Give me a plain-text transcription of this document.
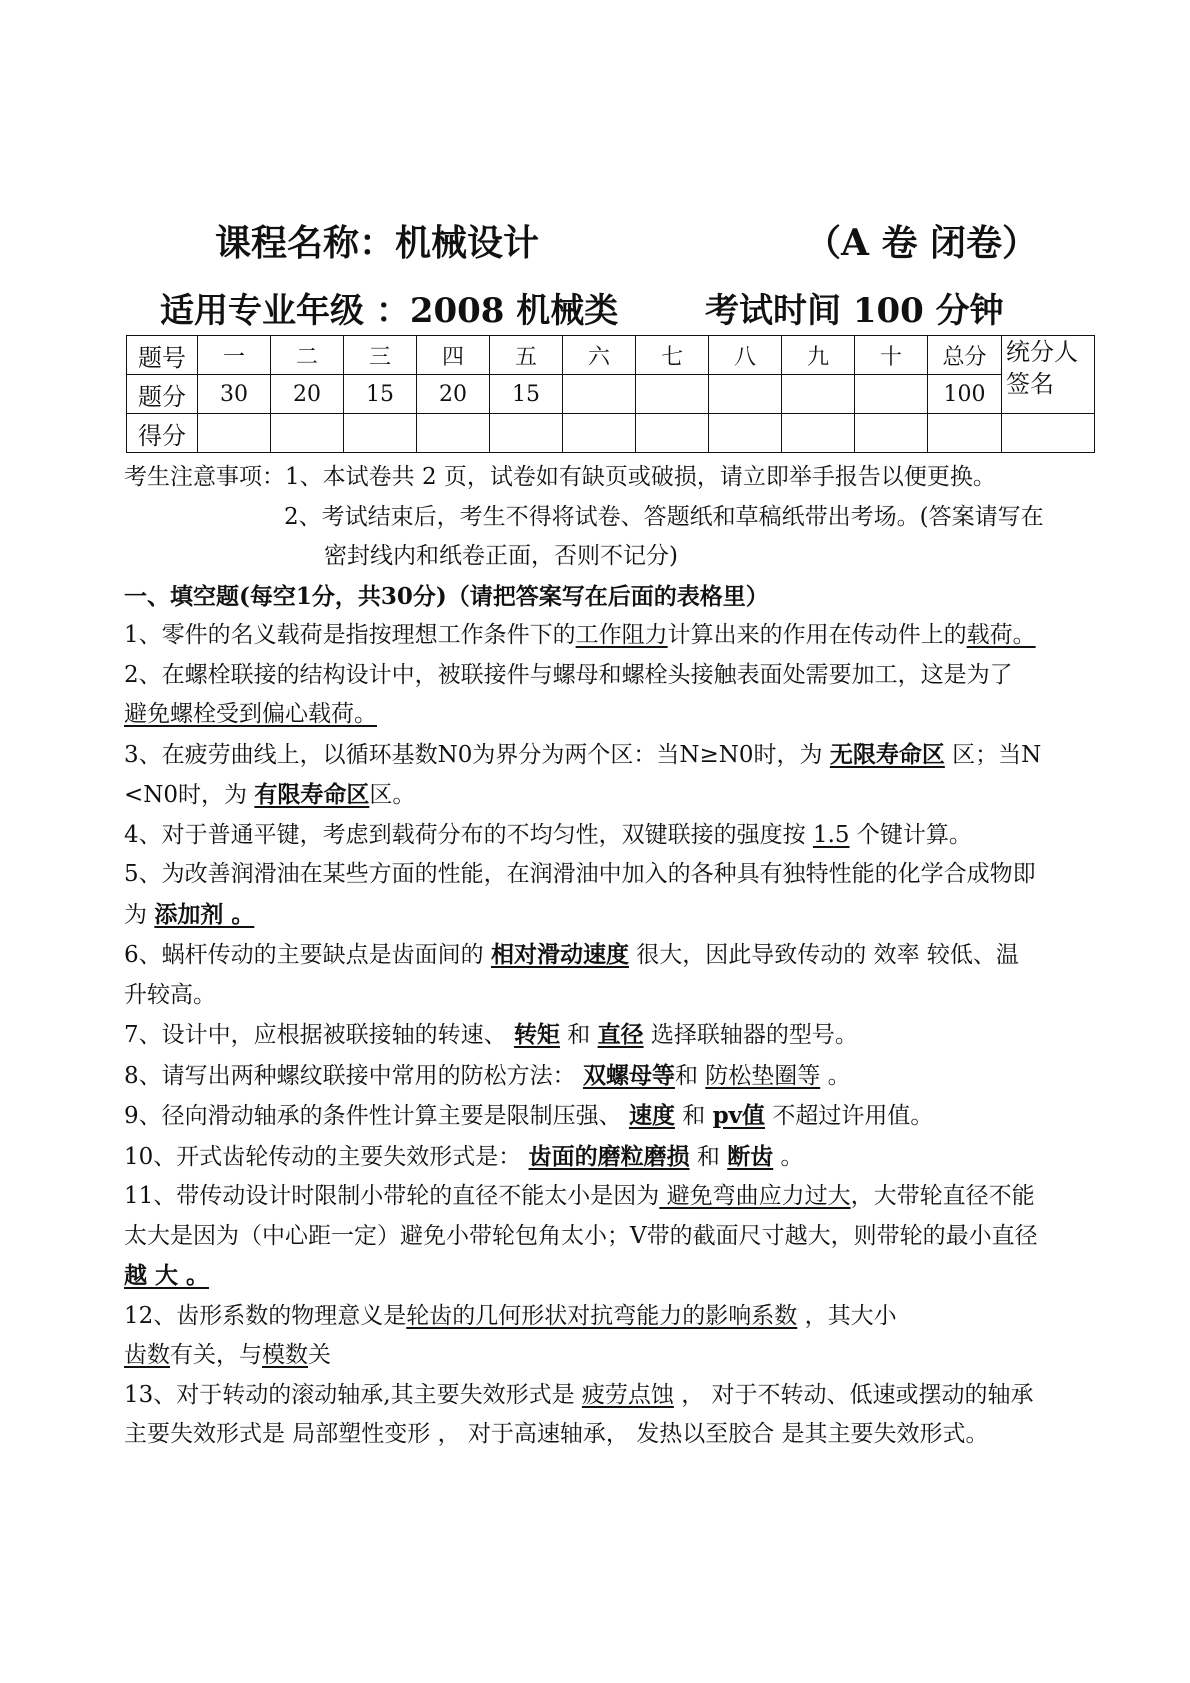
课程名称：机械设计	（A 卷 闭卷）
适用专业年级 ：2008 机械类	考试时间 100 分钟
题号	一	二	三	四	五	六	七	八	九	十	总分	统分人
签名
题分	30	20	15	20	15						100	
得分												

考生注意事项：1、本试卷共 2 页，试卷如有缺页或破损，请立即举手报告以便更换。

2、考试结束后，考生不得将试卷、答题纸和草稿纸带出考场。(答案请写在

密封线内和纸卷正面，否则不记分)

一、填空题(每空1分，共30分)（请把答案写在后面的表格里）

1、零件的名义载荷是指按理想工作条件下的工作阻力计算出来的作用在传动件上的载荷。

2、在螺栓联接的结构设计中，被联接件与螺母和螺栓头接触表面处需要加工，这是为了

避免螺栓受到偏心载荷。

3、在疲劳曲线上，以循环基数N0为界分为两个区：当N≥N0时，为 无限寿命区 区；当N

<N0时，为 有限寿命区区。

4、对于普通平键，考虑到载荷分布的不均匀性，双键联接的强度按 1.5 个键计算。

5、为改善润滑油在某些方面的性能，在润滑油中加入的各种具有独特性能的化学合成物即

为 添加剂 。

6、蜗杆传动的主要缺点是齿面间的 相对滑动速度 很大，因此导致传动的 效率 较低、温

升较高。

7、设计中，应根据被联接轴的转速、 转矩 和 直径 选择联轴器的型号。

8、请写出两种螺纹联接中常用的防松方法： 双螺母等和 防松垫圈等 。

9、径向滑动轴承的条件性计算主要是限制压强、 速度 和 pv值 不超过许用值。

10、开式齿轮传动的主要失效形式是： 齿面的磨粒磨损 和 断齿 。

11、带传动设计时限制小带轮的直径不能太小是因为 避免弯曲应力过大，大带轮直径不能

太大是因为（中心距一定）避免小带轮包角太小；V带的截面尺寸越大，则带轮的最小直径

越 大 。

12、齿形系数的物理意义是轮齿的几何形状对抗弯能力的影响系数 ，其大小

齿数有关，与模数关

13、对于转动的滚动轴承,其主要失效形式是 疲劳点蚀 ， 对于不转动、低速或摆动的轴承

主要失效形式是 局部塑性变形 ， 对于高速轴承， 发热以至胶合 是其主要失效形式。
